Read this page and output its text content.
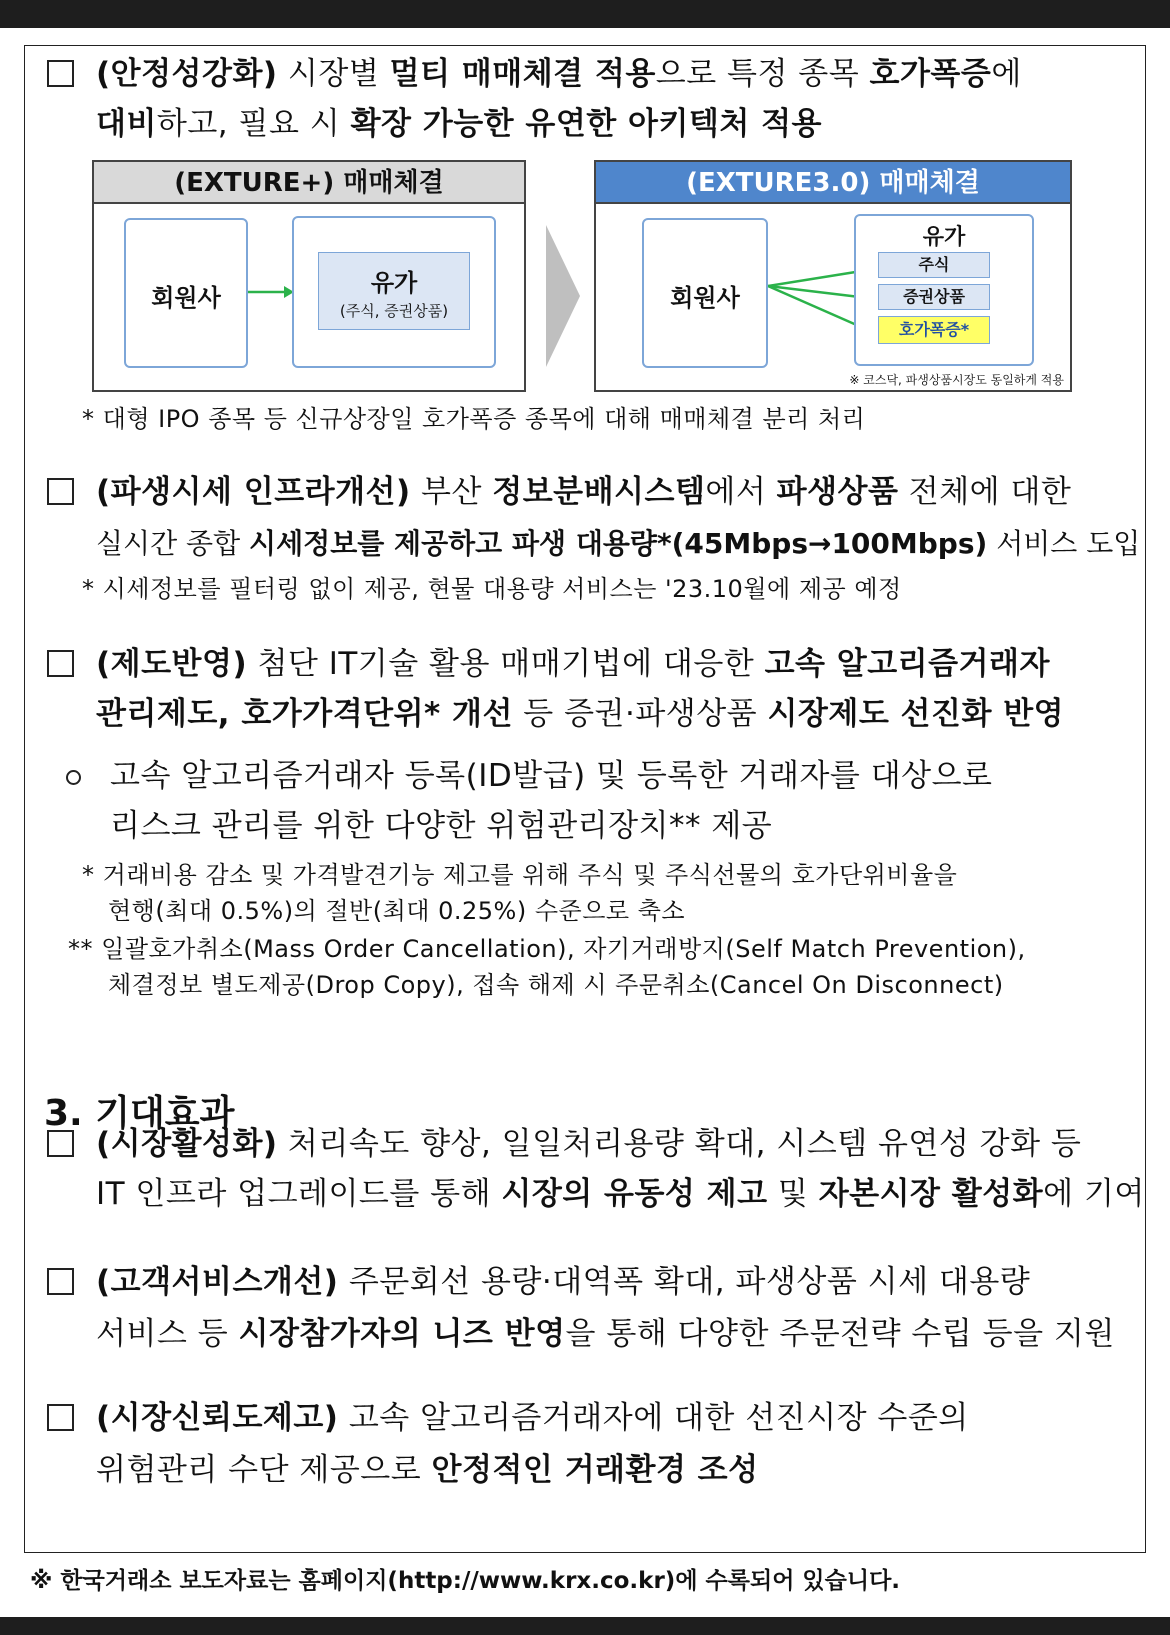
(안정성강화) 시장별 멀티 매매체결 적용으로 특정 종목 호가폭증에
대비하고, 필요 시 확장 가능한 유연한 아키텍처 적용
(EXTURE+) 매매체결
회원사
유가
(주식, 증권상품)
(EXTURE3.0) 매매체결
회원사
유가
주식
증권상품
호가폭증*
※ 코스닥, 파생상품시장도 동일하게 적용
* 대형 IPO 종목 등 신규상장일 호가폭증 종목에 대해 매매체결 분리 처리
(파생시세 인프라개선) 부산 정보분배시스템에서 파생상품 전체에 대한
실시간 종합 시세정보를 제공하고 파생 대용량*(45Mbps→100Mbps) 서비스 도입
* 시세정보를 필터링 없이 제공, 현물 대용량 서비스는 '23.10월에 제공 예정
(제도반영) 첨단 IT기술 활용 매매기법에 대응한 고속 알고리즘거래자
관리제도, 호가가격단위* 개선 등 증권·파생상품 시장제도 선진화 반영
고속 알고리즘거래자 등록(ID발급) 및 등록한 거래자를 대상으로
리스크 관리를 위한 다양한 위험관리장치** 제공
* 거래비용 감소 및 가격발견기능 제고를 위해 주식 및 주식선물의 호가단위비율을
현행(최대 0.5%)의 절반(최대 0.25%) 수준으로 축소
** 일괄호가취소(Mass Order Cancellation), 자기거래방지(Self Match Prevention),
체결정보 별도제공(Drop Copy), 접속 해제 시 주문취소(Cancel On Disconnect)
3. 기대효과
(시장활성화) 처리속도 향상, 일일처리용량 확대, 시스템 유연성 강화 등
IT 인프라 업그레이드를 통해 시장의 유동성 제고 및 자본시장 활성화에 기여
(고객서비스개선) 주문회선 용량·대역폭 확대, 파생상품 시세 대용량
서비스 등 시장참가자의 니즈 반영을 통해 다양한 주문전략 수립 등을 지원
(시장신뢰도제고) 고속 알고리즘거래자에 대한 선진시장 수준의
위험관리 수단 제공으로 안정적인 거래환경 조성
※ 한국거래소 보도자료는 홈페이지(http://www.krx.co.kr)에 수록되어 있습니다.
